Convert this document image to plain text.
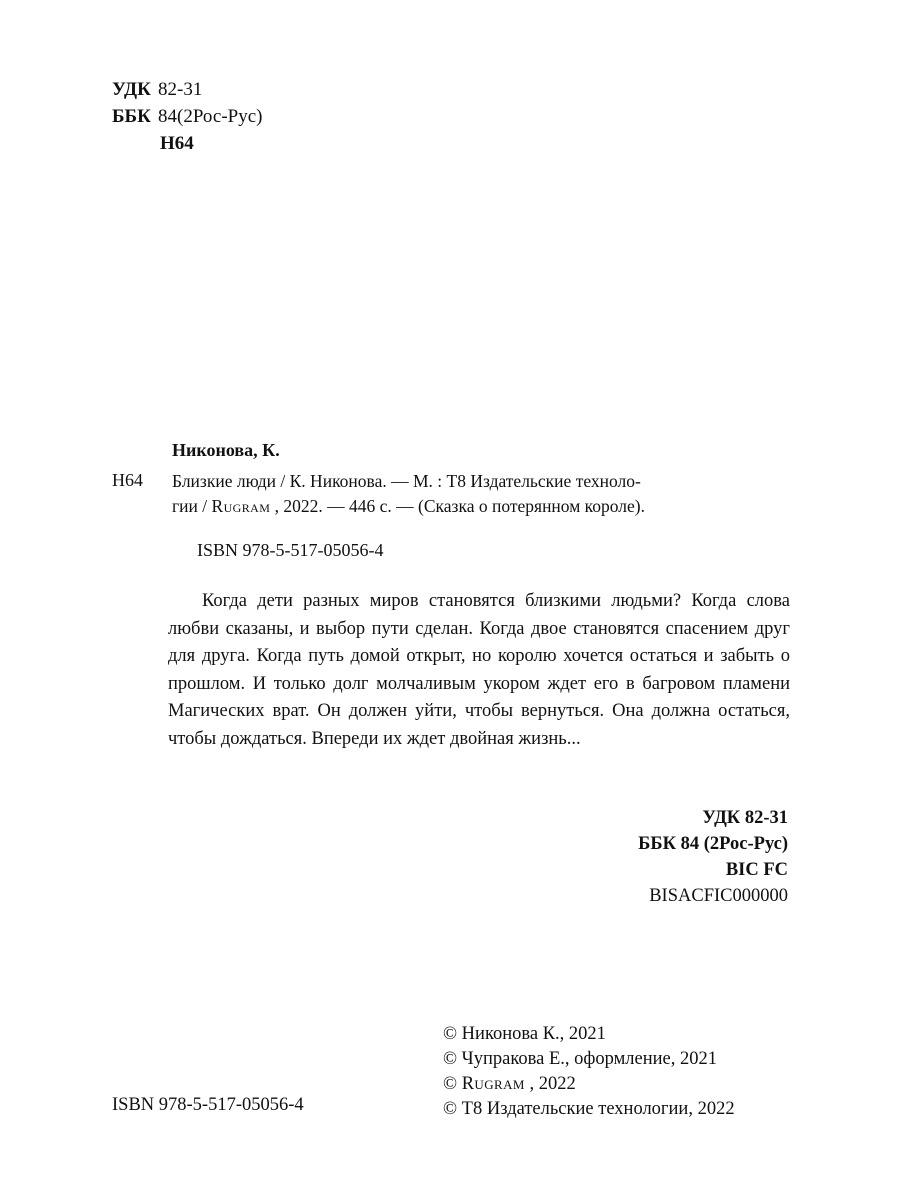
УДК 82-31
ББК 84(2Рос-Рус)
Н64
Никонова, К.
Н64	Близкие люди / К. Никонова. — М. : Т8 Издательские техноло-
гии / Rugram , 2022. — 446 с. — (Сказка о потерянном короле).
ISBN 978-5-517-05056-4
Когда дети разных миров становятся близкими людьми? Когда слова любви сказаны, и выбор пути сделан. Когда двое становятся спасением друг для друга. Когда путь домой открыт, но королю хочется остаться и забыть о прошлом. И только долг молчаливым укором ждет его в багровом пламени Магических врат. Он должен уйти, чтобы вернуться. Она должна остаться, чтобы дождаться. Впереди их ждет двойная жизнь...
УДК 82-31
ББК 84 (2Рос-Рус)
BIC FC
BISACFIC000000
© Никонова К., 2021
© Чупракова Е., оформление, 2021
© Rugram , 2022
© Т8 Издательские технологии, 2022
ISBN 978-5-517-05056-4
